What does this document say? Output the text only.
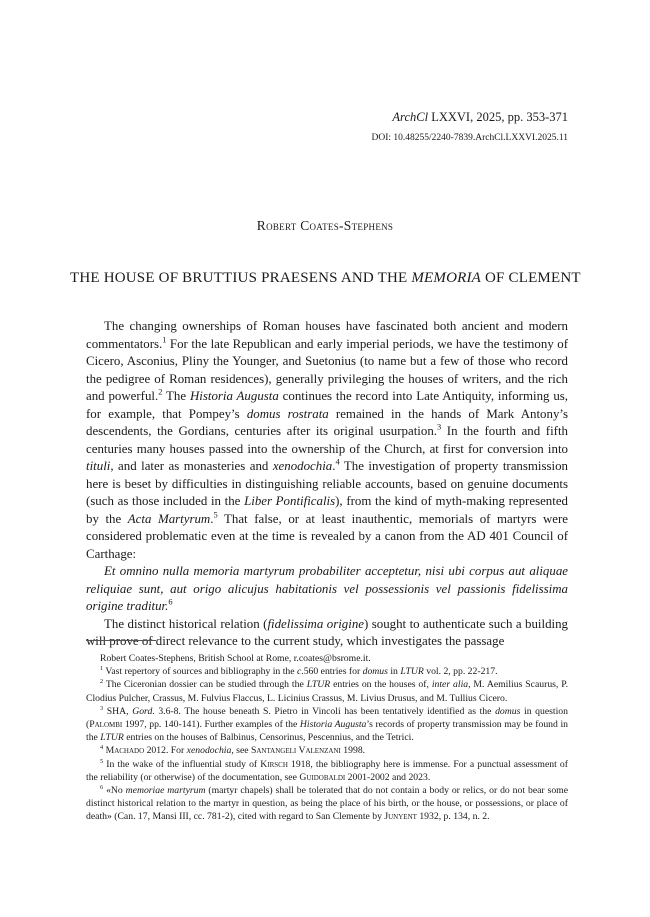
ArchCl LXXVI, 2025, pp. 353-371
DOI: 10.48255/2240-7839.ArchCl.LXXVI.2025.11
Robert Coates-Stephens
THE HOUSE OF BRUTTIUS PRAESENS AND THE MEMORIA OF CLEMENT

The changing ownerships of Roman houses have fascinated both ancient and modern commentators.$^1$ For the late Republican and early imperial periods, we have the testimony of Cicero, Asconius, Pliny the Younger, and Suetonius (to name but a few of those who record the pedigree of Roman residences), generally privileging the houses of writers, and the rich and powerful.$^2$ The Historia Augusta continues the record into Late Antiquity, informing us, for example, that Pompey’s domus rostrata remained in the hands of Mark Antony’s descendents, the Gordians, centuries after its original usurpation.$^3$ In the fourth and fifth centuries many houses passed into the ownership of the Church, at first for conversion into tituli, and later as monasteries and xenodochia.$^4$ The investigation of property transmission here is beset by difficulties in distinguishing reliable accounts, based on genuine documents (such as those included in the Liber Pontificalis), from the kind of myth-making represented by the Acta Martyrum.$^5$ That false, or at least inauthentic, memorials of martyrs were considered problematic even at the time is revealed by a canon from the AD 401 Council of Carthage:

Et omnino nulla memoria martyrum probabiliter acceptetur, nisi ubi corpus aut aliquae reliquiae sunt, aut origo alicujus habitationis vel possessionis vel passionis fidelissima origine traditur.$^6$

The distinct historical relation (fidelissima origine) sought to authenticate such a building will prove of direct relevance to the current study, which investigates the passage

Robert Coates-Stephens, British School at Rome, r.coates@bsrome.it.

$^1$ Vast repertory of sources and bibliography in the c.560 entries for domus in LTUR vol. 2, pp. 22-217.

$^2$ The Ciceronian dossier can be studied through the LTUR entries on the houses of, inter alia, M. Aemilius Scaurus, P. Clodius Pulcher, Crassus, M. Fulvius Flaccus, L. Licinius Crassus, M. Livius Drusus, and M. Tullius Cicero.

$^3$ SHA, Gord. 3.6-8. The house beneath S. Pietro in Vincoli has been tentatively identified as the domus in question (Palombi 1997, pp. 140-141). Further examples of the Historia Augusta’s records of property transmission may be found in the LTUR entries on the houses of Balbinus, Censorinus, Pescennius, and the Tetrici.

$^4$ Machado 2012. For xenodochia, see Santangeli Valenzani 1998.

$^5$ In the wake of the influential study of Kirsch 1918, the bibliography here is immense. For a punctual assessment of the reliability (or otherwise) of the documentation, see Guidobaldi 2001-2002 and 2023.

$^6$ «No memoriae martyrum (martyr chapels) shall be tolerated that do not contain a body or relics, or do not bear some distinct historical relation to the martyr in question, as being the place of his birth, or the house, or possessions, or place of death» (Can. 17, Mansi III, cc. 781-2), cited with regard to San Clemente by Junyent 1932, p. 134, n. 2.
